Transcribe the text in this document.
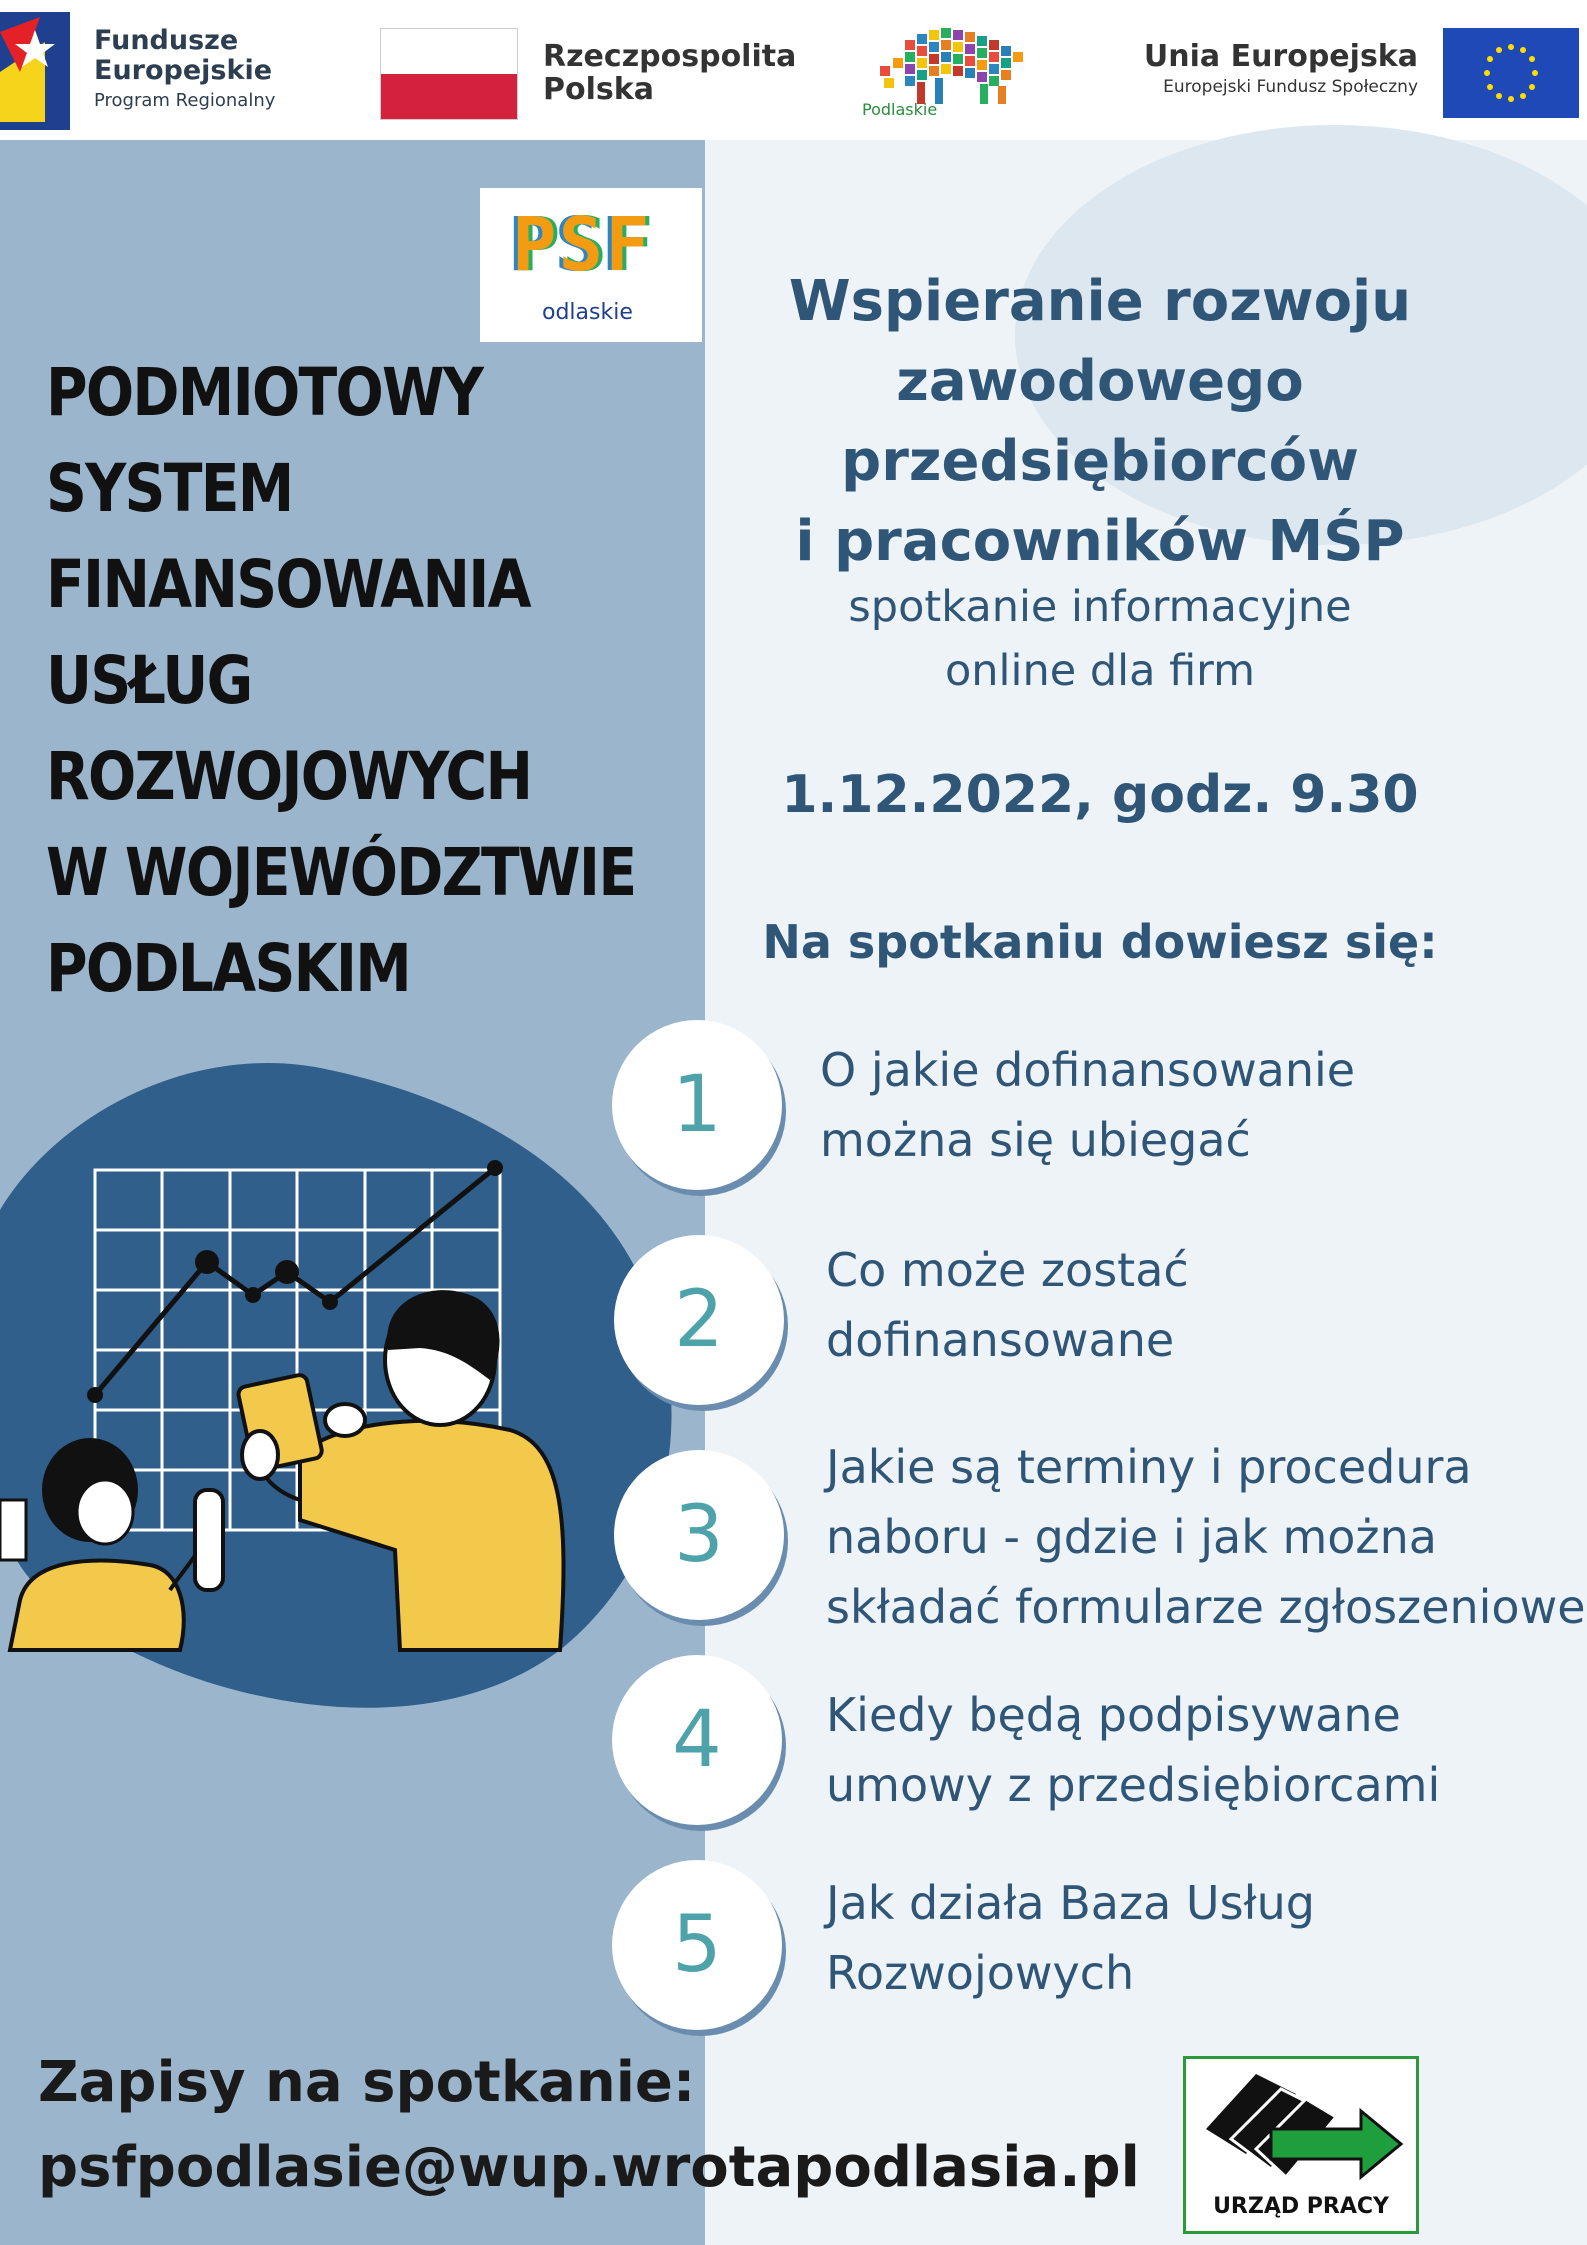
Fundusze
Europejskie
Program Regionalny
Rzeczpospolita
Polska
Podlaskie
Unia Europejska
Europejski Fundusz Społeczny
PSF
odlaskie
PODMIOTOWY
SYSTEM
FINANSOWANIA
USŁUG
ROZWOJOWYCH
W WOJEWÓDZTWIE
PODLASKIM
Wspieranie rozwoju
zawodowego
przedsiębiorców
i pracowników MŚP
spotkanie informacyjne
online dla firm
1.12.2022, godz. 9.30
Na spotkaniu dowiesz się:
1	O jakie dofinansowanie
można się ubiegać
2
Co może zostać
dofinansowane
3
Jakie są terminy i procedura
naboru - gdzie i jak można
składać formularze zgłoszeniowe
4	Kiedy będą podpisywane
umowy z przedsiębiorcami
5	Jak działa Baza Usług
Rozwojowych
Zapisy na spotkanie:
psfpodlasie@wup.wrotapodlasia.pl
URZĄD PRACY
